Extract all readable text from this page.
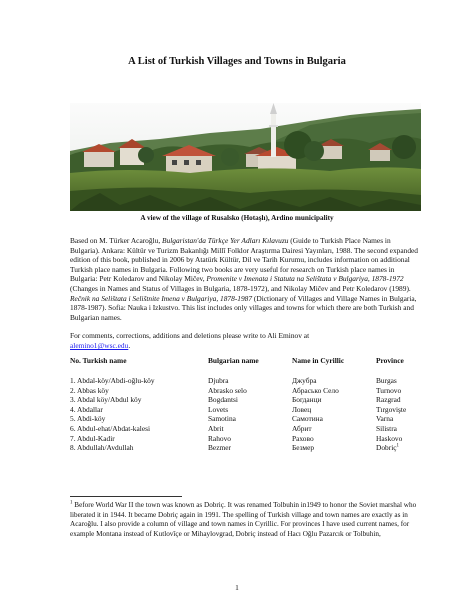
A List of Turkish Villages and Towns in Bulgaria
A view of the village of Rusalsko (Hotaşlı), Ardino municipality

Based on M. Türker Acaroğlu, Bulgaristan'da Türkçe Yer Adları Kılavuzu (Guide to Turkish Place Names in Bulgaria). Ankara: Kültür ve Turizm Bakanlığı Millî Folklor Araştırma Dairesi Yayınları, 1988. The second expanded edition of this book, published in 2006 by Atatürk Kültür, Dil ve Tarih Kurumu, includes information on additional Turkish place names in Bulgaria. Following two books are very useful for research on Turkish place names in Bulgaria: Petr Koledarov and Nikolay Mičev, Promenite v Imenata i Statuta na Selištata v Bulgariya, 1878-1972 (Changes in Names and Status of Villages in Bulgaria, 1878-1972), and Nikolay Mičev and Petr Koledarov (1989). Rečnik na Selištata i Selištnite Imena v Bulgariya, 1878-1987 (Dictionary of Villages and Village Names in Bulgaria, 1878-1987). Sofia: Nauka i Izkustvo. This list includes only villages and towns for which there are both Turkish and Bulgarian names.

For comments, corrections, additions and deletions please write to Ali Eminov at
alemino1@wsc.edu.

No. Turkish name	Bulgarian name	Name in Cyrillic	Province
1. Abdal-köy/Abdi-oğlu-köy	Djubra	Джубра	Burgas
2. Abbas köy	Abrasko selo	Абрасько Село	Turnovo
3. Abdal köy/Abdul köy	Bogdantsi	Богданци	Razgrad
4. Abdallar	Lovets	Ловец	Tırgovişte
5. Abdi-köy	Samotina	Самотина	Varna
6. Abdul-ehat/Abdat-kalesi	Abrit	Абрит	Silistra
7. Abdul-Kadir	Rahovo	Рахово	Haskovo
8. Abdullah/Avdullah	Bezmer	Безмер	Dobriç$^1$
$^1$ Before World War II the town was known as Dobriç. It was renamed Tolbuhin in1949 to honor the Soviet marshal who liberated it in 1944. It became Dobriç again in 1991. The spelling of Turkish village and town names are exactly as in Acaroğlu. I also provide a column of village and town names in Cyrillic. For provinces I have used current names, for example Montana instead of Kutlovîçe or Mihaylovgrad, Dobriç instead of Hacı Oğlu Pazarcık or Tolbuhin,
1
